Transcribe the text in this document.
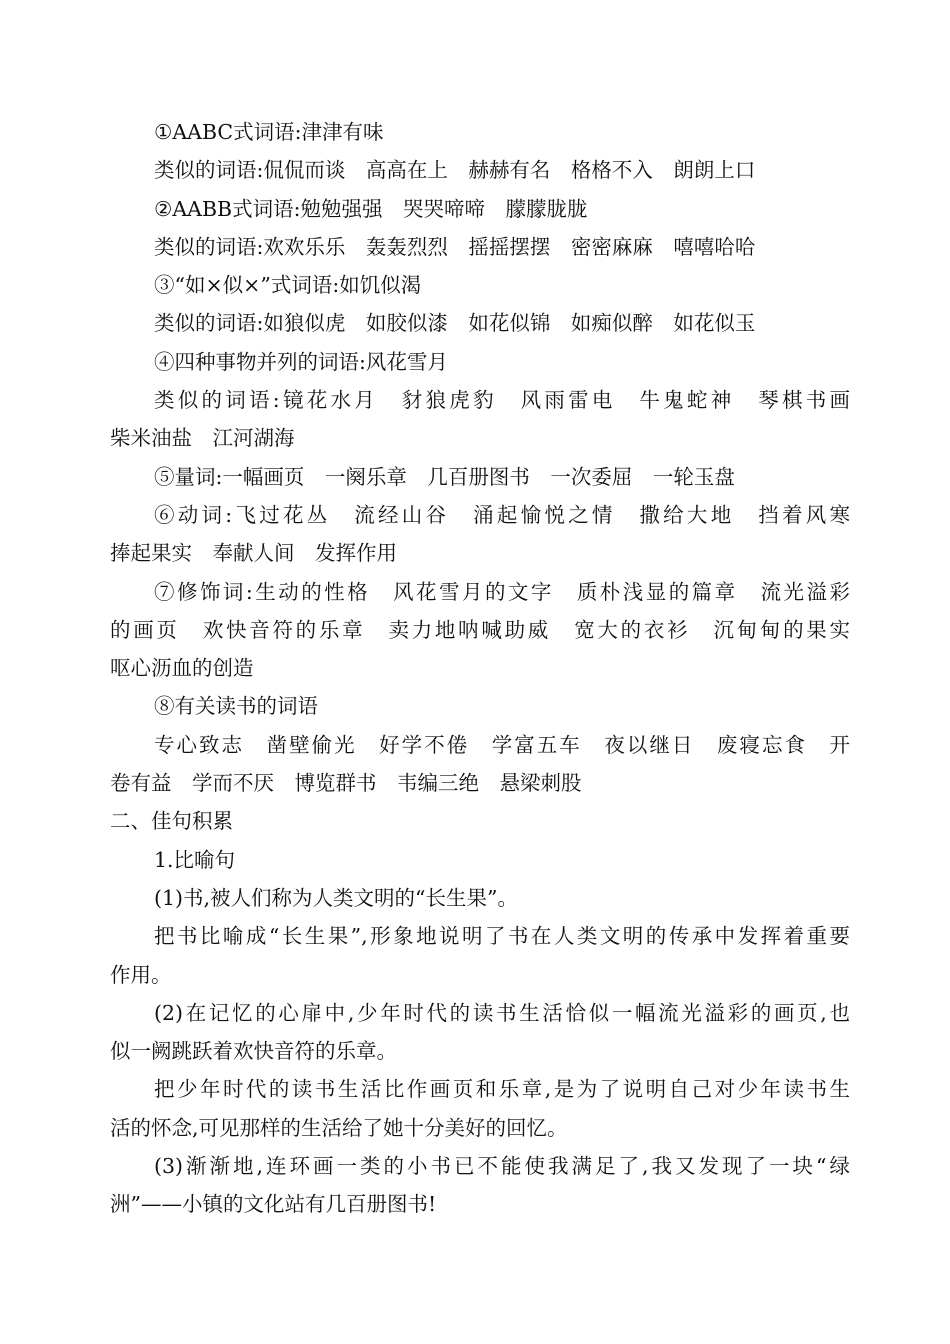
①AABC式词语:津津有味
类似的词语:侃侃而谈　高高在上　赫赫有名　格格不入　朗朗上口
②AABB式词语:勉勉强强　哭哭啼啼　朦朦胧胧
类似的词语:欢欢乐乐　轰轰烈烈　摇摇摆摆　密密麻麻　嘻嘻哈哈
③“如×似×”式词语:如饥似渴
类似的词语:如狼似虎　如胶似漆　如花似锦　如痴似醉　如花似玉
④四种事物并列的词语:风花雪月
类似的词语:镜花水月　豺狼虎豹　风雨雷电　牛鬼蛇神　琴棋书画
柴米油盐　江河湖海
⑤量词:一幅画页　一阕乐章　几百册图书　一次委屈　一轮玉盘
⑥动词:飞过花丛　流经山谷　涌起愉悦之情　撒给大地　挡着风寒
捧起果实　奉献人间　发挥作用
⑦修饰词:生动的性格　风花雪月的文字　质朴浅显的篇章　流光溢彩
的画页　欢快音符的乐章　卖力地呐喊助威　宽大的衣衫　沉甸甸的果实
呕心沥血的创造
⑧有关读书的词语
专心致志　凿壁偷光　好学不倦　学富五车　夜以继日　废寝忘食　开
卷有益　学而不厌　博览群书　韦编三绝　悬梁刺股
二、佳句积累
1.比喻句
(1)书,被人们称为人类文明的“长生果”。
把书比喻成“长生果”,形象地说明了书在人类文明的传承中发挥着重要
作用。
(2)在记忆的心扉中,少年时代的读书生活恰似一幅流光溢彩的画页,也
似一阙跳跃着欢快音符的乐章。
把少年时代的读书生活比作画页和乐章,是为了说明自己对少年读书生
活的怀念,可见那样的生活给了她十分美好的回忆。
(3)渐渐地,连环画一类的小书已不能使我满足了,我又发现了一块“绿
洲”——小镇的文化站有几百册图书!
